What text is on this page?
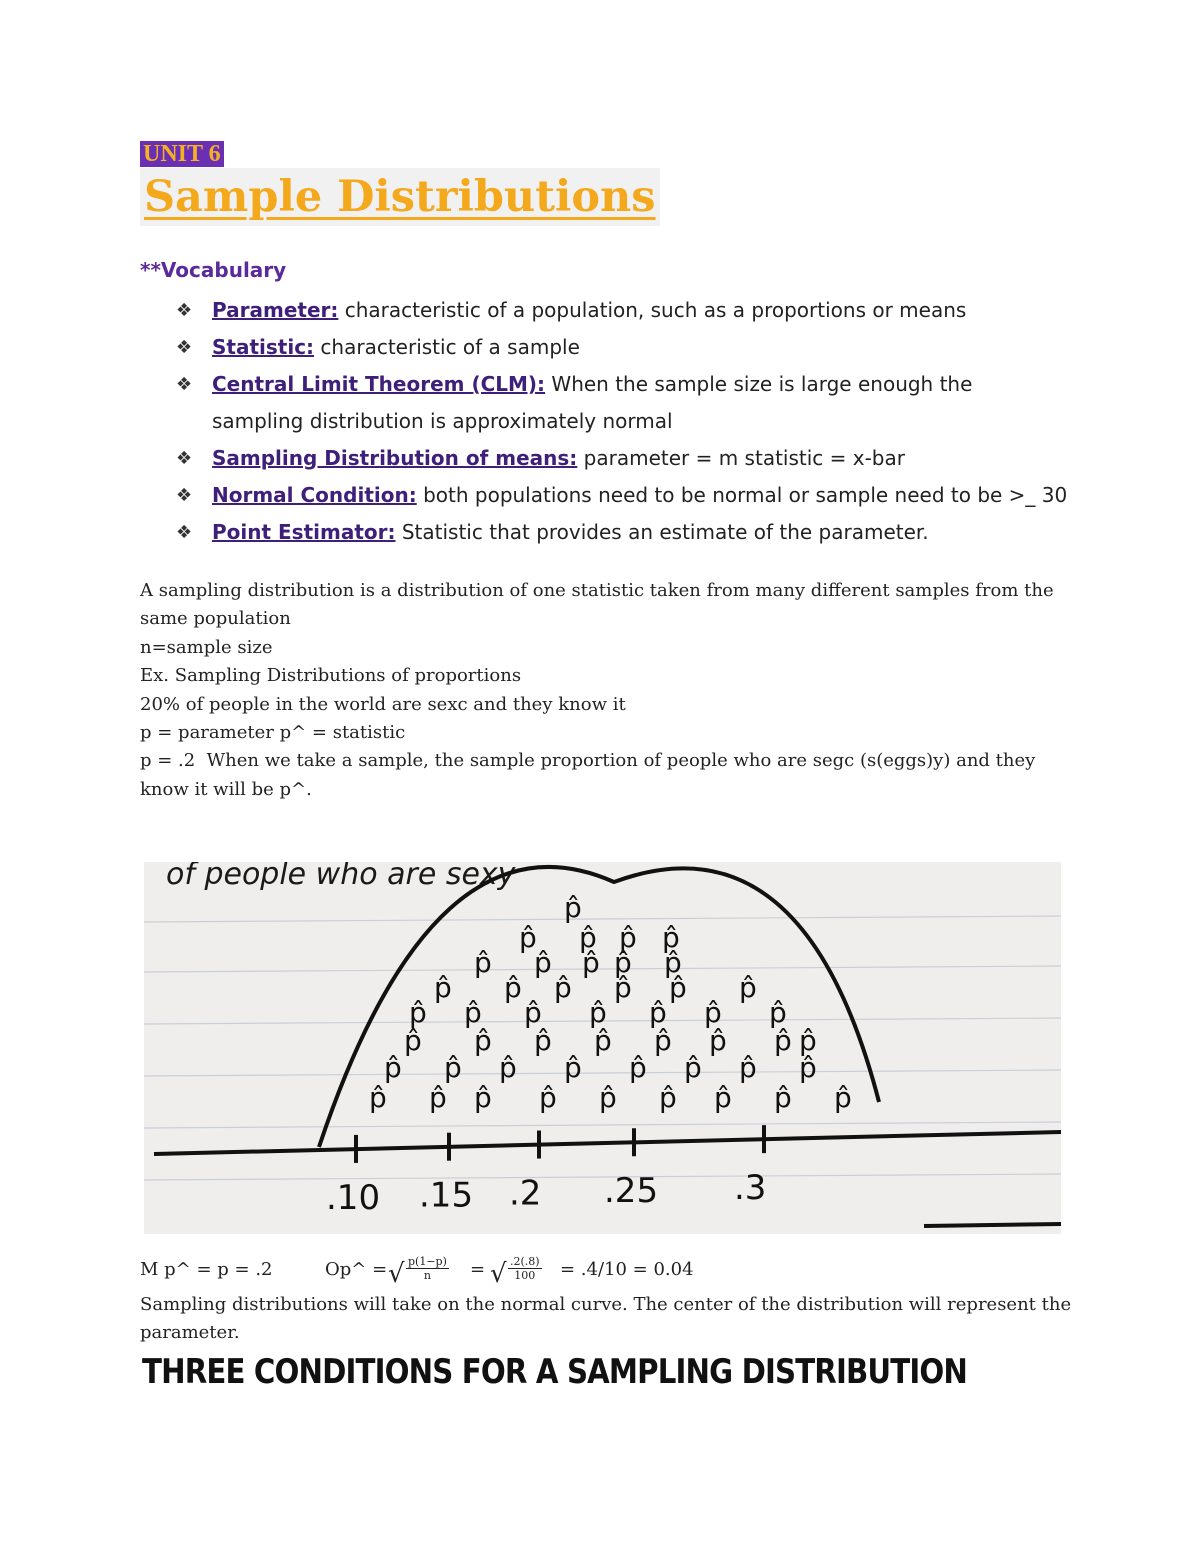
UNIT 6
Sample Distributions
**Vocabulary
❖ Parameter: characteristic of a population, such as a proportions or means
❖ Statistic: characteristic of a sample
❖ Central Limit Theorem (CLM): When the sample size is large enough the sampling distribution is approximately normal
❖ Sampling Distribution of means: parameter = m statistic = x-bar
❖ Normal Condition: both populations need to be normal or sample need to be >_ 30
❖ Point Estimator: Statistic that provides an estimate of the parameter.
A sampling distribution is a distribution of one statistic taken from many different samples from the same population
n=sample size
Ex. Sampling Distributions of proportions
20% of people in the world are sexc and they know it
p = parameter p^ = statistic
p = .2  When we take a sample, the sample proportion of people who are segc (s(eggs)y) and they know it will be p^.
of people who are sexy
.10 .15 .2 .25 .3
p̂
p̂ p̂ p̂ p̂
p̂ p̂ p̂ p̂ p̂
p̂ p̂ p̂ p̂ p̂ p̂
p̂ p̂ p̂ p̂ p̂ p̂ p̂
p̂ p̂ p̂ p̂ p̂ p̂ p̂ p̂
p̂ p̂ p̂ p̂ p̂ p̂ p̂ p̂
p̂ p̂ p̂ p̂ p̂ p̂ p̂ p̂ p̂
M p^ = p = .2	Op^ = √ $\frac{p(1-p)}{n}$ = √ $\frac{.2(.8)}{100} = .4/10 = 0.04$
Sampling distributions will take on the normal curve. The center of the distribution will represent the parameter.
THREE CONDITIONS FOR A SAMPLING DISTRIBUTION
